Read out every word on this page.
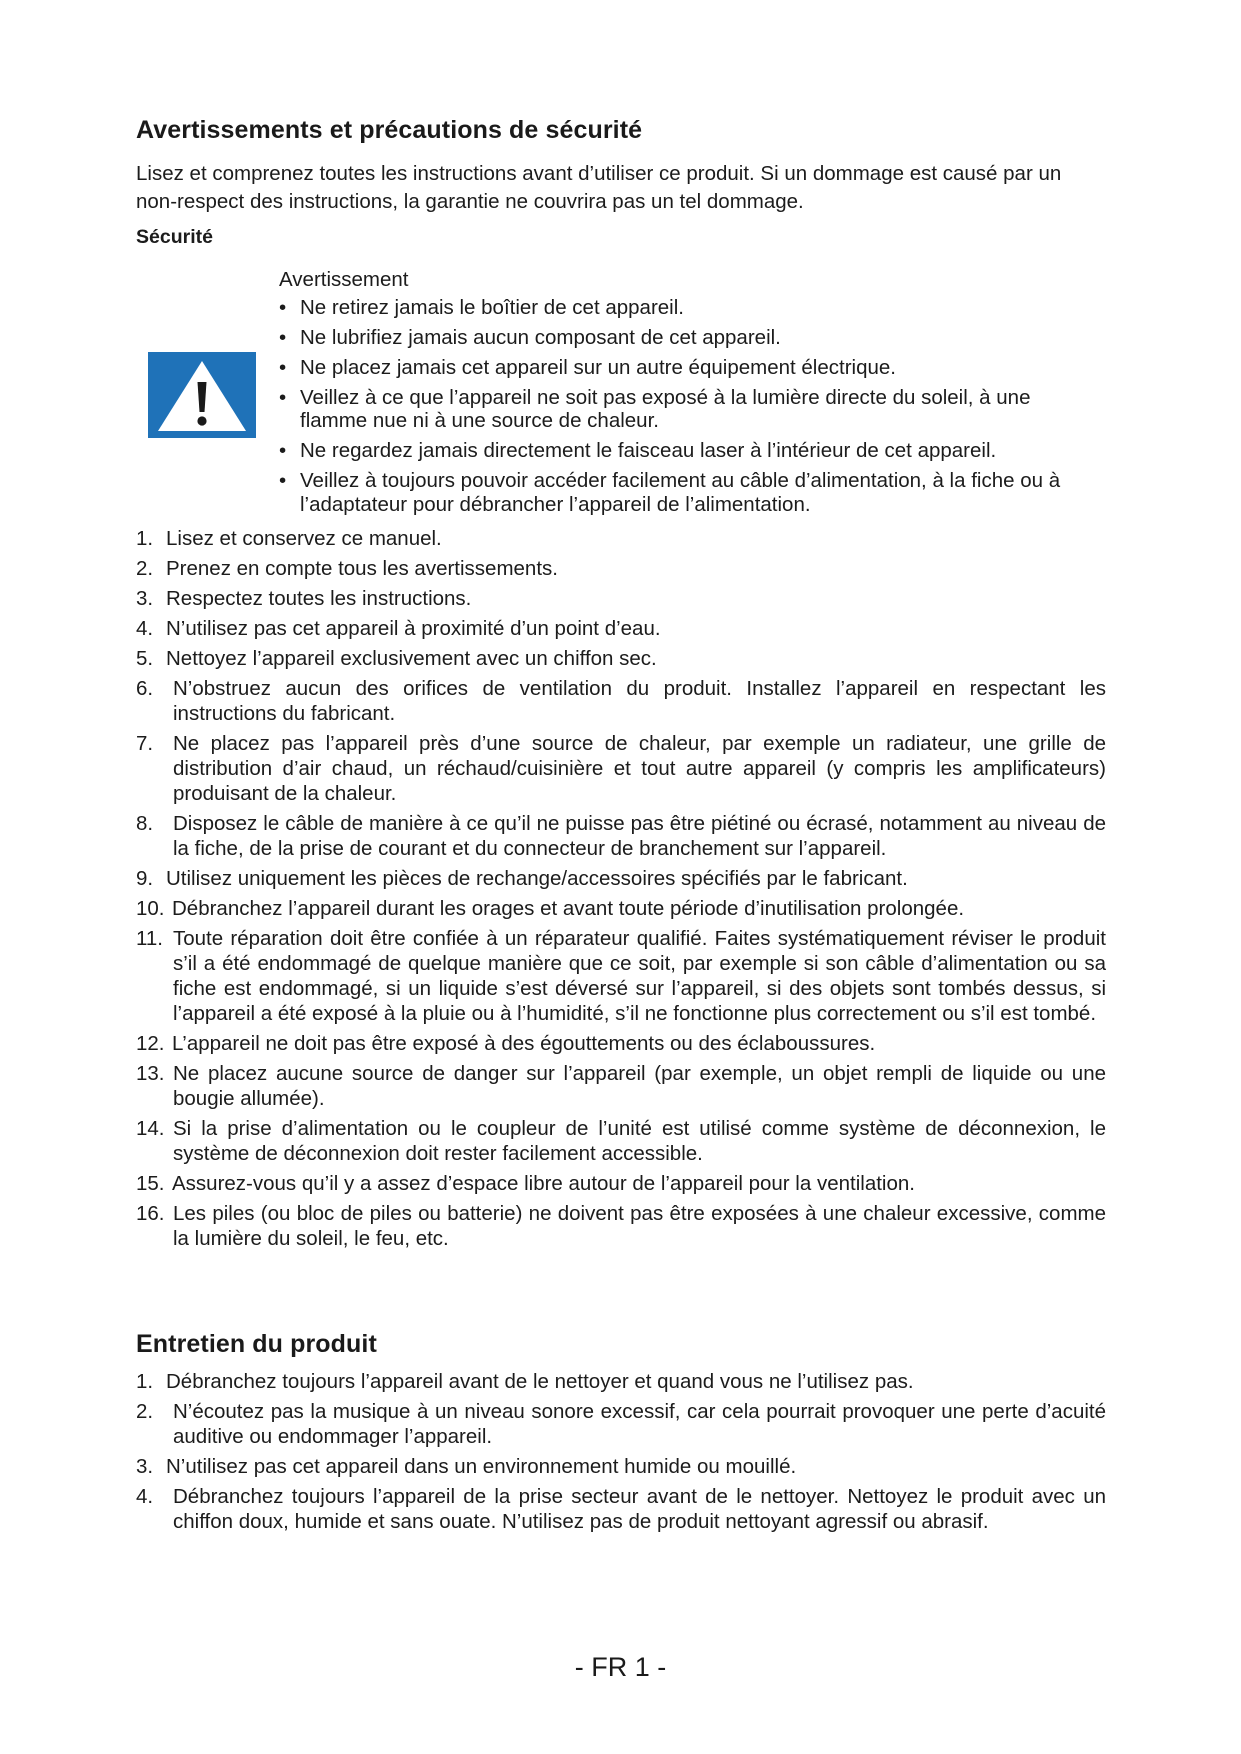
Avertissements et précautions de sécurité

Lisez et comprenez toutes les instructions avant d’utiliser ce produit. Si un dommage est causé par un non-respect des instructions, la garantie ne couvrira pas un tel dommage.

Sécurité
Entretien du produit
Avertissement
• Ne retirez jamais le boîtier de cet appareil.
• Ne lubrifiez jamais aucun composant de cet appareil.
• Ne placez jamais cet appareil sur un autre équipement électrique.
• Veillez à ce que l’appareil ne soit pas exposé à la lumière directe du soleil, à une flamme nue ni à une source de chaleur.
• Ne regardez jamais directement le faisceau laser à l’intérieur de cet appareil.
• Veillez à toujours pouvoir accéder facilement au câble d’alimentation, à la fiche ou à l’adaptateur pour débrancher l’appareil de l’alimentation.
1. Lisez et conservez ce manuel.
2. Prenez en compte tous les avertissements.
3. Respectez toutes les instructions.
4. N’utilisez pas cet appareil à proximité d’un point d’eau.
5. Nettoyez l’appareil exclusivement avec un chiffon sec.
6. N’obstruez aucun des orifices de ventilation du produit. Installez l’appareil en respectant les instructions du fabricant.
7. Ne placez pas l’appareil près d’une source de chaleur, par exemple un radiateur, une grille de distribution d’air chaud, un réchaud/cuisinière et tout autre appareil (y compris les amplificateurs) produisant de la chaleur.
8. Disposez le câble de manière à ce qu’il ne puisse pas être piétiné ou écrasé, notamment au niveau de la fiche, de la prise de courant et du connecteur de branchement sur l’appareil.
9. Utilisez uniquement les pièces de rechange/accessoires spécifiés par le fabricant.
10. Débranchez l’appareil durant les orages et avant toute période d’inutilisation prolongée.
11. Toute réparation doit être confiée à un réparateur qualifié. Faites systématiquement réviser le produit s’il a été endommagé de quelque manière que ce soit, par exemple si son câble d’alimentation ou sa fiche est endommagé, si un liquide s’est déversé sur l’appareil, si des objets sont tombés dessus, si l’appareil a été exposé à la pluie ou à l’humidité, s’il ne fonctionne plus correctement ou s’il est tombé.
12. L’appareil ne doit pas être exposé à des égouttements ou des éclaboussures.
13. Ne placez aucune source de danger sur l’appareil (par exemple, un objet rempli de liquide ou une bougie allumée).
14. Si la prise d’alimentation ou le coupleur de l’unité est utilisé comme système de déconnexion, le système de déconnexion doit rester facilement accessible.
15. Assurez-vous qu’il y a assez d’espace libre autour de l’appareil pour la ventilation.
16. Les piles (ou bloc de piles ou batterie) ne doivent pas être exposées à une chaleur excessive, comme la lumière du soleil, le feu, etc.
1. Débranchez toujours l’appareil avant de le nettoyer et quand vous ne l’utilisez pas.
2. N’écoutez pas la musique à un niveau sonore excessif, car cela pourrait provoquer une perte d’acuité auditive ou endommager l’appareil.
3. N’utilisez pas cet appareil dans un environnement humide ou mouillé.
4. Débranchez toujours l’appareil de la prise secteur avant de le nettoyer. Nettoyez le produit avec un chiffon doux, humide et sans ouate. N’utilisez pas de produit nettoyant agressif ou abrasif.
- FR 1 -
